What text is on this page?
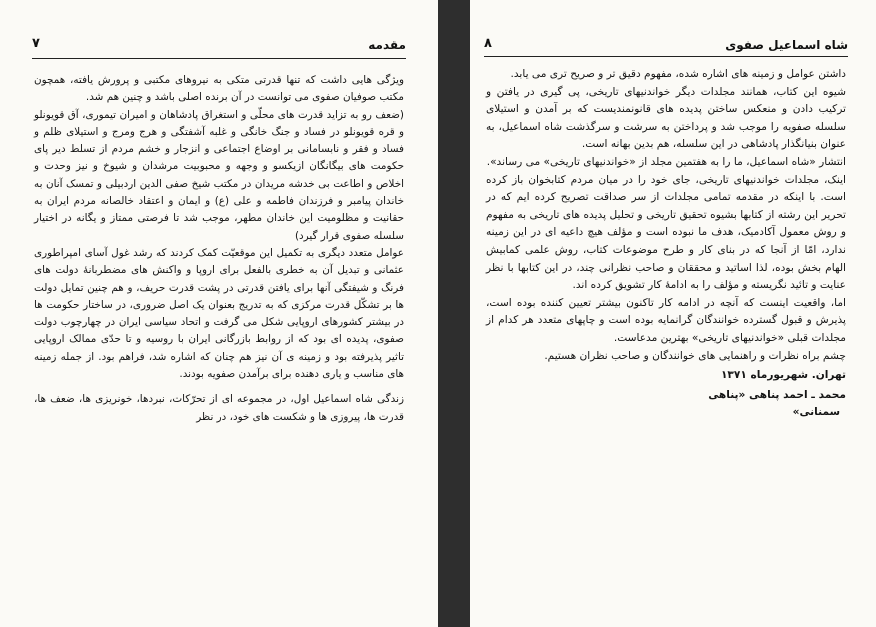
مقدمه
۷

ویژگی هایی داشت که تنها قدرتی متکی به نیروهای مکتبی و پرورش یافته، همچون مکتب صوفیان صفوی می توانست در آن برنده اصلی باشد و چنین هم شد.

(ضعف رو به تزاید قدرت های محلّی و استغراق پادشاهان و امیران تیموری، آق قویونلو و قره قویونلو در فساد و جنگ خانگی و غلبه آشفتگی و هرج ومرج و استیلای ظلم و فساد و فقر و نابسامانی بر اوضاع اجتماعی و انزجار و خشم مردم از تسلط دیر پای حکومت های بیگانگان ازیکسو و وجهه و محبوبیت مرشدان و شیوخ و نیز وحدت و اخلاص و اطاعت بی خدشه مریدان در مکتب شیخ صفی الدین اردبیلی و تمسک آنان به خاندان پیامبر و فرزندان فاطمه و علی (ع) و ایمان و اعتقاد خالصانه مردم ایران به حقانیت و مظلومیت این خاندان مطهر، موجب شد تا فرصتی ممتاز و یگانه در اختیار سلسله صفوی قرار گیرد)

عوامل متعدد دیگری به تکمیل این موقعیّت کمک کردند که رشد غول آسای امپراطوری عثمانی و تبدیل آن به خطری بالفعل برای اروپا و واکنش های مضطربانهٔ دولت های فرنگ و شیفتگی آنها برای یافتن قدرتی در پشت قدرت حریف، و هم چنین تمایل دولت ها بر تشکّل قدرت مرکزی که به تدریج بعنوان یک اصل ضروری، در ساختار حکومت ها در بیشتر کشورهای اروپایی شکل می گرفت و اتحاد سیاسی ایران در چهارچوب دولت صفوی، پدیده ای بود که از روابط بازرگانی ایران با روسیه و تا حدّی ممالک اروپایی تاثیر پذیرفته بود و زمینه ی آن نیز هم چنان که اشاره شد، فراهم بود. از جمله زمینه های مناسب و یاری دهنده برای برآمدن صفویه بودند.

زندگی شاه اسماعیل اول، در مجموعه ای از تحرّکات، نبردها، خونریزی ها، ضعف ها، قدرت ها، پیروزی ها و شکست های خود، در نظر

شاه اسماعیل صفوی
۸

داشتن عوامل و زمینه های اشاره شده، مفهوم دقیق تر و صریح تری می یابد.

شیوه این کتاب، همانند مجلدات دیگر خواندنیهای تاریخی، پی گیری در یافتن و ترکیب دادن و منعکس ساختن پدیده های قانونمندیست که بر آمدن و استیلای سلسله صفویه را موجب شد و پرداختن به سرشت و سرگذشت شاه اسماعیل، به عنوان بنیانگذار پادشاهی در این سلسله، هم بدین بهانه است.

انتشار «شاه اسماعیل، ما را به هفتمین مجلد از «خواندنیهای تاریخی» می رساند».

اینک، مجلدات خواندنیهای تاریخی، جای خود را در میان مردم کتابخوان باز کرده است. با اینکه در مقدمه تمامی مجلدات از سر صداقت تصریح کرده ایم که در تحریر این رشته از کتابها بشیوه تحقیق تاریخی و تحلیل پدیده های تاریخی به مفهوم و روش معمول آکادمیک، هدف ما نبوده است و مؤلف هیچ داعیه ای در این زمینه ندارد، امّا از آنجا که در بنای کار و طرح موضوعات کتاب، روش علمی کمابیش الهام بخش بوده، لذا اساتید و محققان و صاحب نظرانی چند، در این کتابها با نظر عنایت و تائید نگریسته و مؤلف را به ادامهٔ کار تشویق کرده اند.

اما، واقعیت اینست که آنچه در ادامه کار تاکنون بیشتر تعیین کننده بوده است، پذیرش و قبول گسترده خوانندگان گرانمایه بوده است و چاپهای متعدد هر کدام از مجلدات قبلی «خواندنیهای تاریخی» بهترین مدعاست.

چشم براه نظرات و راهنمایی های خوانندگان و صاحب نظران هستیم.

تهران. شهریورماه ۱۳۷۱

محمد ـ احمد پناهی «پناهی

سمنانی»
